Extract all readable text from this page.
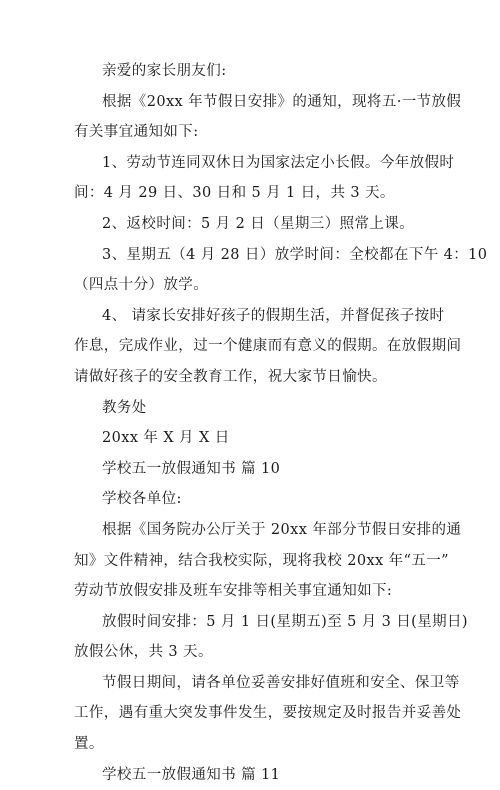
亲爱的家长朋友们:
根据《20xx 年节假日安排》的通知，现将五·一节放假
有关事宜通知如下:
1、劳动节连同双休日为国家法定小长假。今年放假时
间：4 月 29 日、30 日和 5 月 1 日，共 3 天。
2、返校时间：5 月 2 日（星期三）照常上课。
3、星期五（4 月 28 日）放学时间：全校都在下午 4：10
（四点十分）放学。
4、 请家长安排好孩子的假期生活，并督促孩子按时
作息，完成作业，过一个健康而有意义的假期。在放假期间
请做好孩子的安全教育工作，祝大家节日愉快。
教务处
20xx 年 X 月 X 日
学校五一放假通知书 篇 10
学校各单位:
根据《国务院办公厅关于 20xx 年部分节假日安排的通
知》文件精神，结合我校实际，现将我校 20xx 年“五一”
劳动节放假安排及班车安排等相关事宜通知如下:
放假时间安排：5 月 1 日(星期五)至 5 月 3 日(星期日)
放假公休，共 3 天。
节假日期间，请各单位妥善安排好值班和安全、保卫等
工作，遇有重大突发事件发生，要按规定及时报告并妥善处
置。
学校五一放假通知书 篇 11
